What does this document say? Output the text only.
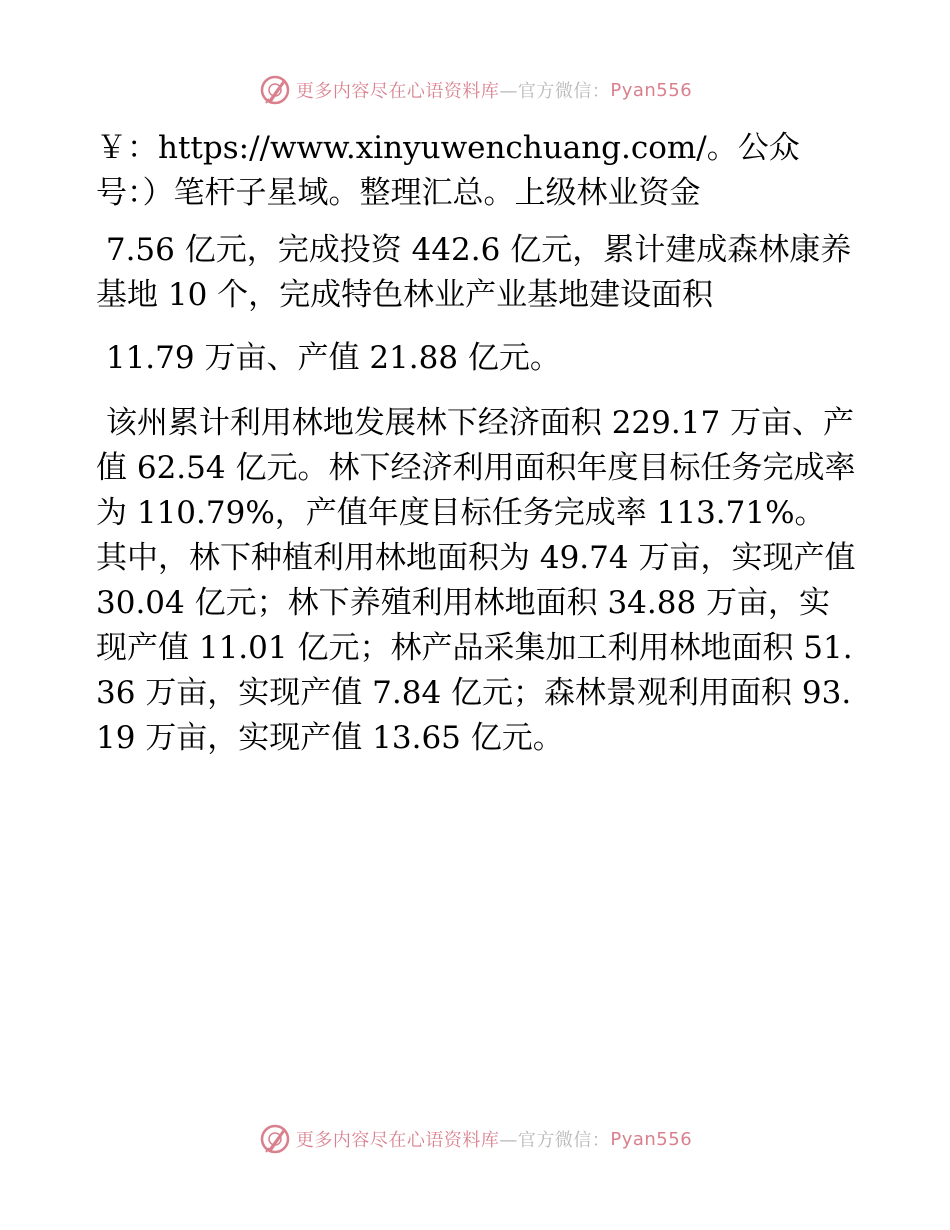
更多内容尽在心语资料库 —官方微信： Pyan556

￥：https://www.xinyuwenchuang.com/。公众号：）笔杆子星域。整理汇总。上级林业资金

7.56 亿元，完成投资 442.6 亿元，累计建成森林康养基地 10 个，完成特色林业产业基地建设面积

11.79 万亩、产值 21.88 亿元。

该州累计利用林地发展林下经济面积 229.17 万亩、产值 62.54 亿元。林下经济利用面积年度目标任务完成率为 110.79%，产值年度目标任务完成率 113.71%。其中，林下种植利用林地面积为 49.74 万亩，实现产值 30.04 亿元；林下养殖利用林地面积 34.88 万亩，实现产值 11.01 亿元；林产品采集加工利用林地面积 51.36 万亩，实现产值 7.84 亿元；森林景观利用面积 93.19 万亩，实现产值 13.65 亿元。

更多内容尽在心语资料库 —官方微信： Pyan556
